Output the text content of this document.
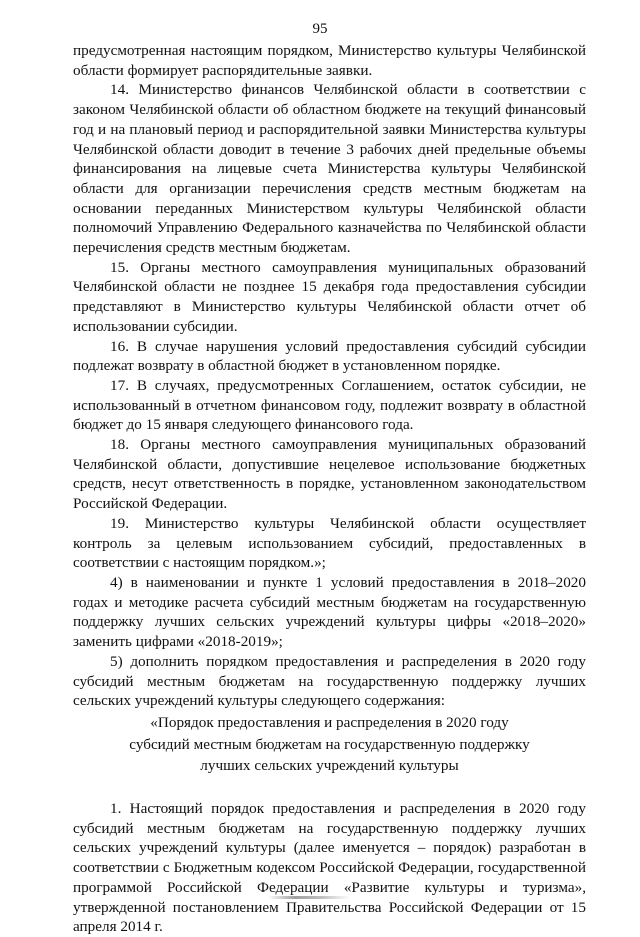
95

предусмотренная настоящим порядком, Министерство культуры Челябинской области формирует распорядительные заявки.

14. Министерство финансов Челябинской области в соответствии с законом Челябинской области об областном бюджете на текущий финансовый год и на плановый период и распорядительной заявки Министерства культуры Челябинской области доводит в течение 3 рабочих дней предельные объемы финансирования на лицевые счета Министерства культуры Челябинской области для организации перечисления средств местным бюджетам на основании переданных Министерством культуры Челябинской области полномочий Управлению Федерального казначейства по Челябинской области перечисления средств местным бюджетам.

15. Органы местного самоуправления муниципальных образований Челябинской области не позднее 15 декабря года предоставления субсидии представляют в Министерство культуры Челябинской области отчет об использовании субсидии.

16. В случае нарушения условий предоставления субсидий субсидии подлежат возврату в областной бюджет в установленном порядке.

17. В случаях, предусмотренных Соглашением, остаток субсидии, не использованный в отчетном финансовом году, подлежит возврату в областной бюджет до 15 января следующего финансового года.

18. Органы местного самоуправления муниципальных образований Челябинской области, допустившие нецелевое использование бюджетных средств, несут ответственность в порядке, установленном законодательством Российской Федерации.

19. Министерство культуры Челябинской области осуществляет контроль за целевым использованием субсидий, предоставленных в соответствии с настоящим порядком.»;

4) в наименовании и пункте 1 условий предоставления в 2018–2020 годах и методике расчета субсидий местным бюджетам на государственную поддержку лучших сельских учреждений культуры цифры «2018–2020» заменить цифрами «2018-2019»;

5) дополнить порядком предоставления и распределения в 2020 году субсидий местным бюджетам на государственную поддержку лучших сельских учреждений культуры следующего содержания:

«Порядок предоставления и распределения в 2020 году

субсидий местным бюджетам на государственную поддержку

лучших сельских учреждений культуры

1. Настоящий порядок предоставления и распределения в 2020 году субсидий местным бюджетам на государственную поддержку лучших сельских учреждений культуры (далее именуется – порядок) разработан в соответствии с Бюджетным кодексом Российской Федерации, государственной программой Российской Федерации «Развитие культуры и туризма», утвержденной постановлением Правительства Российской Федерации от 15 апреля 2014 г.
